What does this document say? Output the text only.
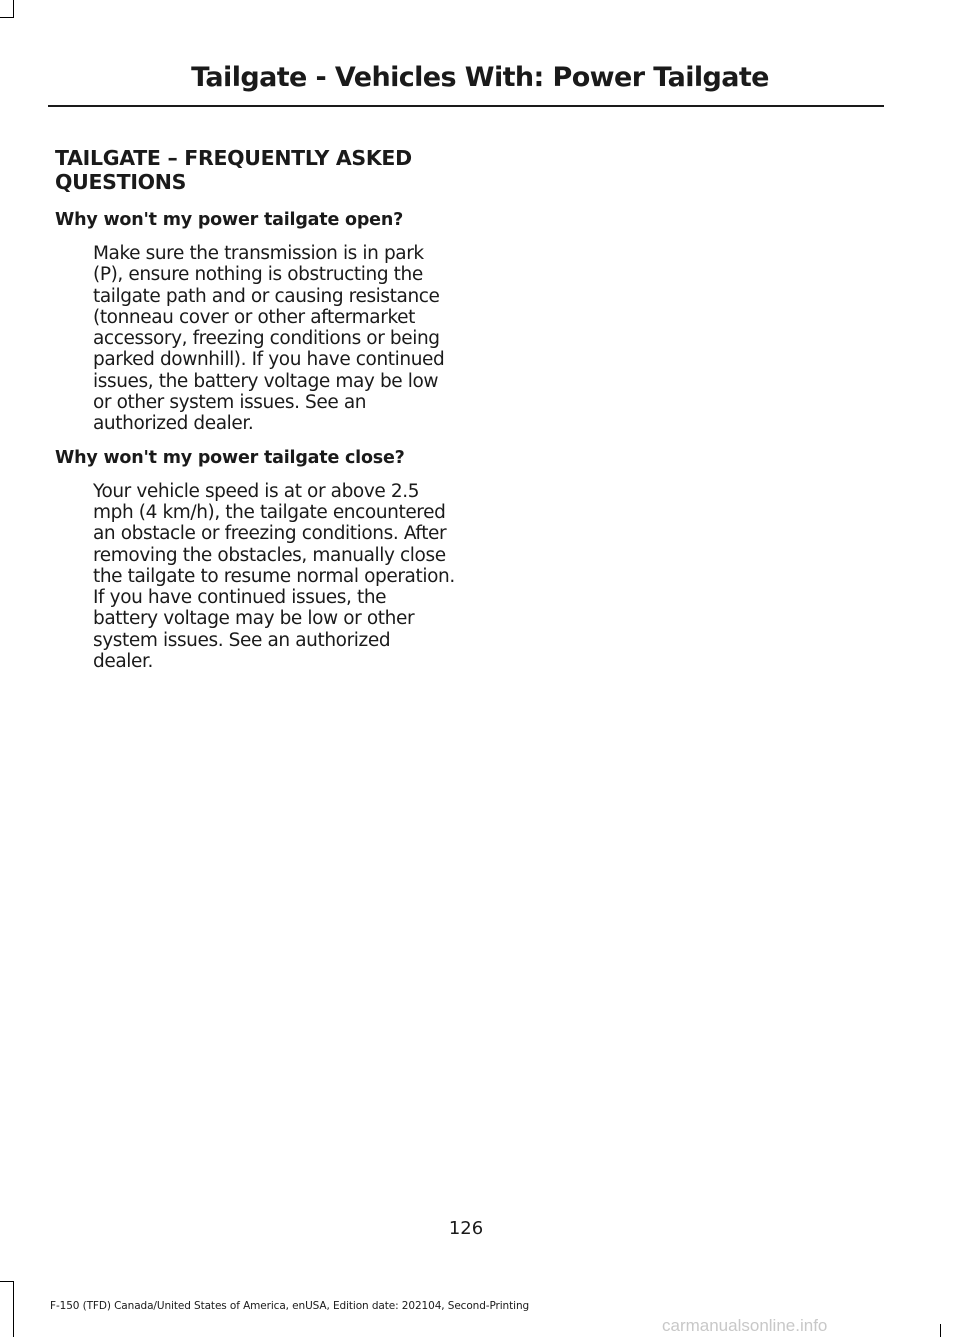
Tailgate - Vehicles With: Power Tailgate
TAILGATE – FREQUENTLY ASKED QUESTIONS

Why won't my power tailgate open?

Make sure the transmission is in park (P), ensure nothing is obstructing the tailgate path and or causing resistance (tonneau cover or other aftermarket accessory, freezing conditions or being parked downhill). If you have continued issues, the battery voltage may be low or other system issues. See an authorized dealer.

Why won't my power tailgate close?

Your vehicle speed is at or above 2.5 mph (4 km/h), the tailgate encountered an obstacle or freezing conditions. After removing the obstacles, manually close the tailgate to resume normal operation. If you have continued issues, the battery voltage may be low or other system issues. See an authorized dealer.

126
F-150 (TFD) Canada/United States of America, enUSA, Edition date: 202104, Second-Printing
carmanualsonline.info
